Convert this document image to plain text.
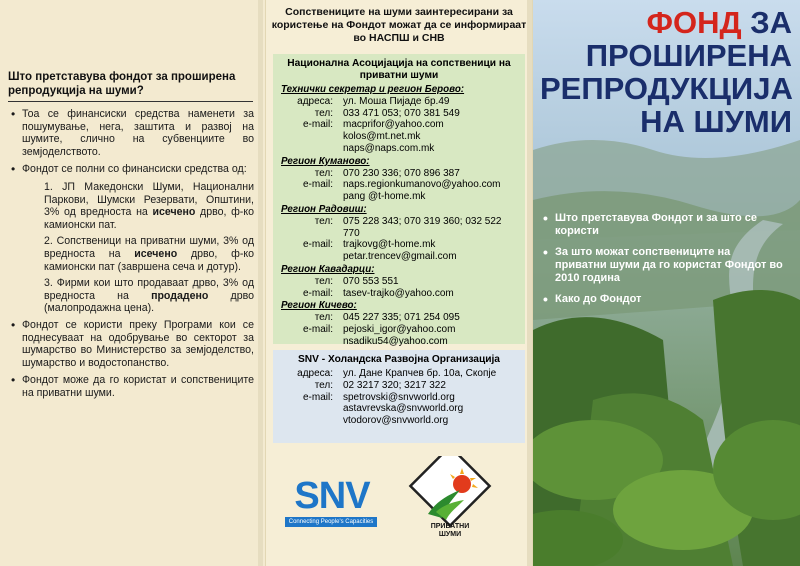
Што претставува фондот за проширена репродукција на шуми?
• Тоа се финансиски средства наменети за пошумување, нега, заштита и развој на шумите, слично на субвенциите во земјоделството.
• Фондот се полни со финансиски средства од:
1. ЈП Македонски Шуми, Национални Паркови, Шумски Резервати, Општини, 3% од вредноста на исечено дрво, ф-ко камионски пат.
2. Сопственици на приватни шуми, 3% од вредноста на исечено дрво, ф-ко камионски пат (завршена сеча и дотур).
3. Фирми кои што продаваат дрво, 3% од вредноста на продадено дрво (малопродажна цена).
• Фондот се користи преку Програми кои се поднесуваат на одобрување во секторот за шумарство во Министерство за земјоделство, шумарство и водостопанство.
• Фондот може да го користат и сопствениците на приватни шуми.
Сопствениците на шуми заинтересирани за користење на Фондот можат да се информираат во НАСПШ и СНВ
Национална Асоцијација на сопственици на приватни шуми
Технички секретар и регион Берово:
адреса:	ул. Моша Пијаде бр.49
тел:	033 471 053; 070 381 549
e-mail:	macprifor@yahoo.com
kolos@mt.net.mk
naps@naps.com.mk
Регион Куманово:
тел:	070 230 336; 070 896 387
e-mail:	naps.regionkumanovo@yahoo.com
pang @t-home.mk
Регион Радовиш:
тел:	075 228 343; 070 319 360; 032 522 770
e-mail:	trajkovg@t-home.mk
petar.trencev@gmail.com
Регион Кавадарци:
тел:	070 553 551
e-mail:	tasev-trajko@yahoo.com
Регион Кичево:
тел:	045 227 335; 071 254 095
e-mail:	pejoski_igor@yahoo.com
nsadiku54@yahoo.com
SNV - Холандска Развојна Организација
адреса:	ул. Дане Крапчев бр. 10а, Скопје
тел:	02 3217 320; 3217 322
e-mail:	spetrovski@snvworld.org
astavrevska@snvworld.org
vtodorov@snvworld.org
SNV
Connecting People's Capacities
ПРИВАТНИ
ШУМИ
ФОНД ЗА
ПРОШИРЕНА
РЕПРОДУКЦИЈА
НА ШУМИ
• Што претставува Фондот и за што се користи
• За што можат сопствениците на приватни шуми да го користат Фондот во 2010 година
• Како до Фондот
